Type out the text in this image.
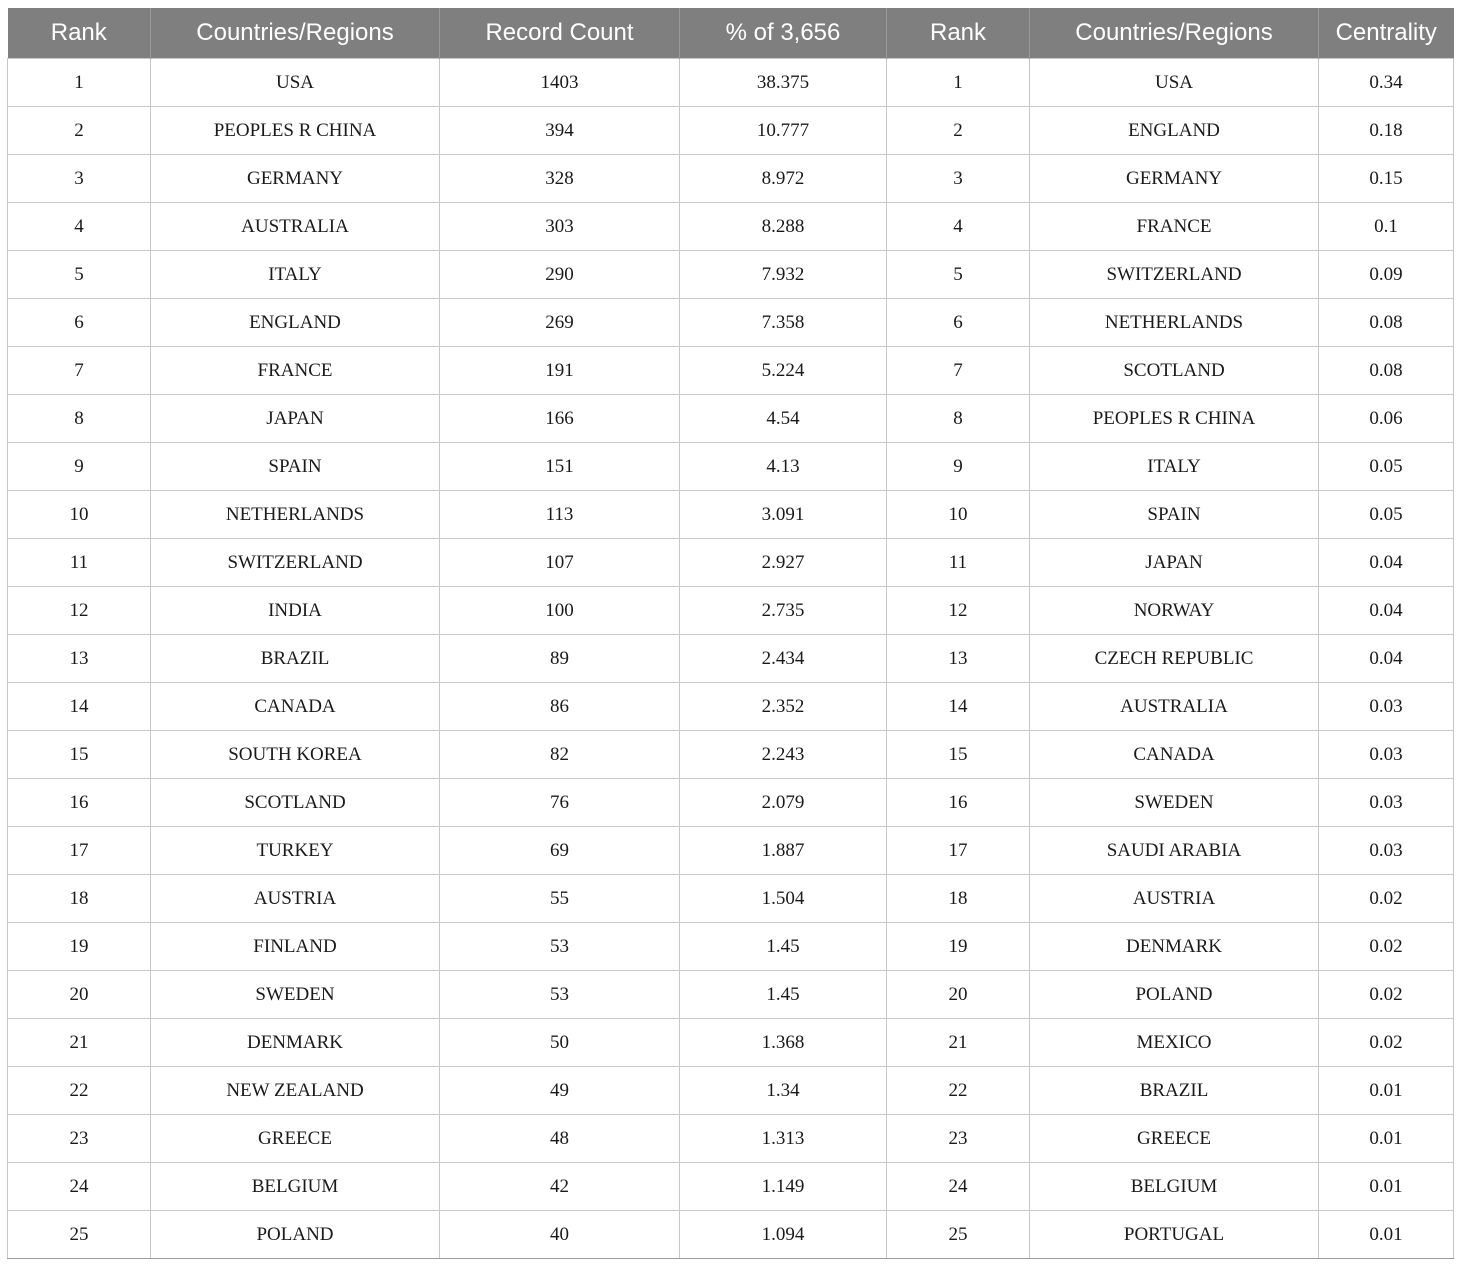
Rank	Countries/Regions	Record Count	% of 3,656	Rank	Countries/Regions	Centrality
1	USA	1403	38.375	1	USA	0.34
2	PEOPLES R CHINA	394	10.777	2	ENGLAND	0.18
3	GERMANY	328	8.972	3	GERMANY	0.15
4	AUSTRALIA	303	8.288	4	FRANCE	0.1
5	ITALY	290	7.932	5	SWITZERLAND	0.09
6	ENGLAND	269	7.358	6	NETHERLANDS	0.08
7	FRANCE	191	5.224	7	SCOTLAND	0.08
8	JAPAN	166	4.54	8	PEOPLES R CHINA	0.06
9	SPAIN	151	4.13	9	ITALY	0.05
10	NETHERLANDS	113	3.091	10	SPAIN	0.05
11	SWITZERLAND	107	2.927	11	JAPAN	0.04
12	INDIA	100	2.735	12	NORWAY	0.04
13	BRAZIL	89	2.434	13	CZECH REPUBLIC	0.04
14	CANADA	86	2.352	14	AUSTRALIA	0.03
15	SOUTH KOREA	82	2.243	15	CANADA	0.03
16	SCOTLAND	76	2.079	16	SWEDEN	0.03
17	TURKEY	69	1.887	17	SAUDI ARABIA	0.03
18	AUSTRIA	55	1.504	18	AUSTRIA	0.02
19	FINLAND	53	1.45	19	DENMARK	0.02
20	SWEDEN	53	1.45	20	POLAND	0.02
21	DENMARK	50	1.368	21	MEXICO	0.02
22	NEW ZEALAND	49	1.34	22	BRAZIL	0.01
23	GREECE	48	1.313	23	GREECE	0.01
24	BELGIUM	42	1.149	24	BELGIUM	0.01
25	POLAND	40	1.094	25	PORTUGAL	0.01
